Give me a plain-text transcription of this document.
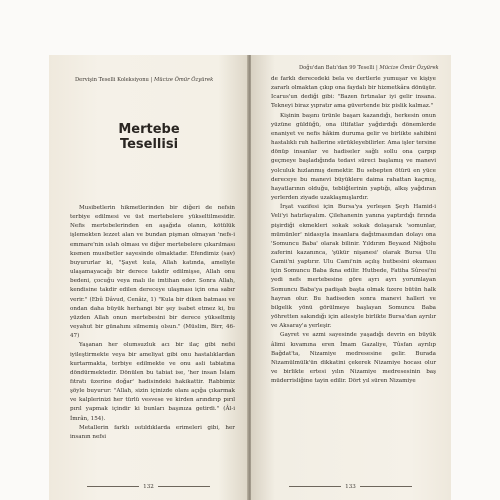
Dervişin Teselli Koleksiyonu | Mücize Ömür Özyürek
Mertebe Tesellisi

Musibetlerin hikmetlerinden bir diğeri de nefsin terbiye edilmesi ve üst mertebelere yükseltilmesidir. Nefis mertebelerinden en aşağıda olanın, kötülük işlemekten lezzet alan ve bundan pişman olmayan 'nefs-i emmare'nin ıslah olması ve diğer mertebelere çıkarılması kısmen musibetler sayesinde olmaktadır. Efendimiz (sav) buyururlar ki, "Şayet kula, Allah katında, ameliyle ulaşamayacağı bir derece takdir edilmişse, Allah onu bedeni, çocuğu veya malı ile imtihan eder. Sonra Allah, kendisine takdir edilen dereceye ulaşması için ona sabır verir." (Ebû Dâvud, Cenâiz, 1) "Kula bir diken batması ve ondan daha büyük herhangi bir şey isabet etmez ki, bu yüzden Allah onun mertebesini bir derece yükseltmiş veyahut bir günahını silmemiş olsun." (Müslim, Birr, 46-47)

Yaşanan her olumsuzluk acı bir ilaç gibi nefsi iyileştirmekte veya bir ameliyat gibi onu hastalıklardan kurtarmakta, terbiye edilmekte ve onu asli tabiatına döndürmektedir. Dönülen bu tabiat ise, 'her insan İslam fıtratı üzerine doğar' hadisindeki hakikattir. Rabbimiz şöyle buyurur: "Allah, sizin içinizde olanı açığa çıkarmak ve kalplerinizi her türlü vesvese ve kirden arındırıp pırıl pırıl yapmak içindir ki bunları başınıza getirdi." (Âl-i İmrân, 154).

Metallerin farklı ısıtıldıklarda erimeleri gibi, her insanın nefsi

132
Doğu'dan Batı'dan 99 Teselli | Mücize Ömür Özyürek

de farklı derecedeki bela ve dertlerle yumuşar ve kişiye zararlı olmaktan çıkıp ona faydalı bir hizmetkâra dönüşür. Icarus'un dediği gibi: "Bazen fırtınalar iyi gelir insana. Tekneyi biraz yıpratır ama güvertende biz pislik kalmaz."

Kişinin başını ürünle başarı kazandığı, herkesin onun yüzüne güldüğü, ona iltifatlar yağdırdığı dönemlerde enaniyet ve nefis hâkim duruma gelir ve birlikte sahibini hastalıklı ruh hallerine sürükleyebilirler. Ama işler tersine dönüp insanlar ve hadiseler sağlı sollu ona çarpıp geçmeye başladığında tedavi süreci başlamış ve manevi yolculuk hızlanmış demektir. Bu sebepten ötürü en yüce dereceye bu manevi büyüklere daima rahattan kaçmış, hayatlarının olduğu, tebliğlerinin yaptığı, alkış yağdıran yerlerden ziyade uzaklaşmışlardır.

İrşat vazifesi için Bursa'ya yerleşen Şeyh Hamid-i Veli'yi hatırlayalım. Çilehanenin yanına yaptırdığı fırında pişirdiği ekmekleri sokak sokak dolaşarak 'somunlar, mümünler' nidasıyla insanlara dağıtmasından dolayı ona 'Somuncu Baba' olarak bilinir. Yıldırım Beyazıd Niğbolu zaferini kazanınca, 'şükür nişanesi' olarak Bursa Ulu Camii'ni yaptırır. Ulu Cami'nin açılış hutbesini okuması için Somuncu Baba ikna edilir. Hutbede, Fatiha Sûresi'ni yedi nefs mertebesine göre ayrı ayrı yorumlayan Somuncu Baba'ya padişah başta olmak üzere bütün halk hayran olur. Bu hadiseden sonra manevi halleri ve bilgelik yönü görülmeye başlayan Somuncu Baba yöhretten sakındığı için ailesiyle birlikte Bursa'dan ayrılır ve Aksaray'a yerleşir.

Gayret ve azmi sayesinde yaşadığı devrin en büyük âlimi kıvamına eren İmam Gazaliye, Tûsfan ayrılıp Bağdat'ta, Nizamiye medresesine gelir. Burada Nizamülmülk'ün dikkatini çekerek Nizamiye hocası olur ve birlikte ertesi yılın Nizamiye medresesinin baş müderrisliğine tayin edilir. Dört yıl süren Nizamiye

133
